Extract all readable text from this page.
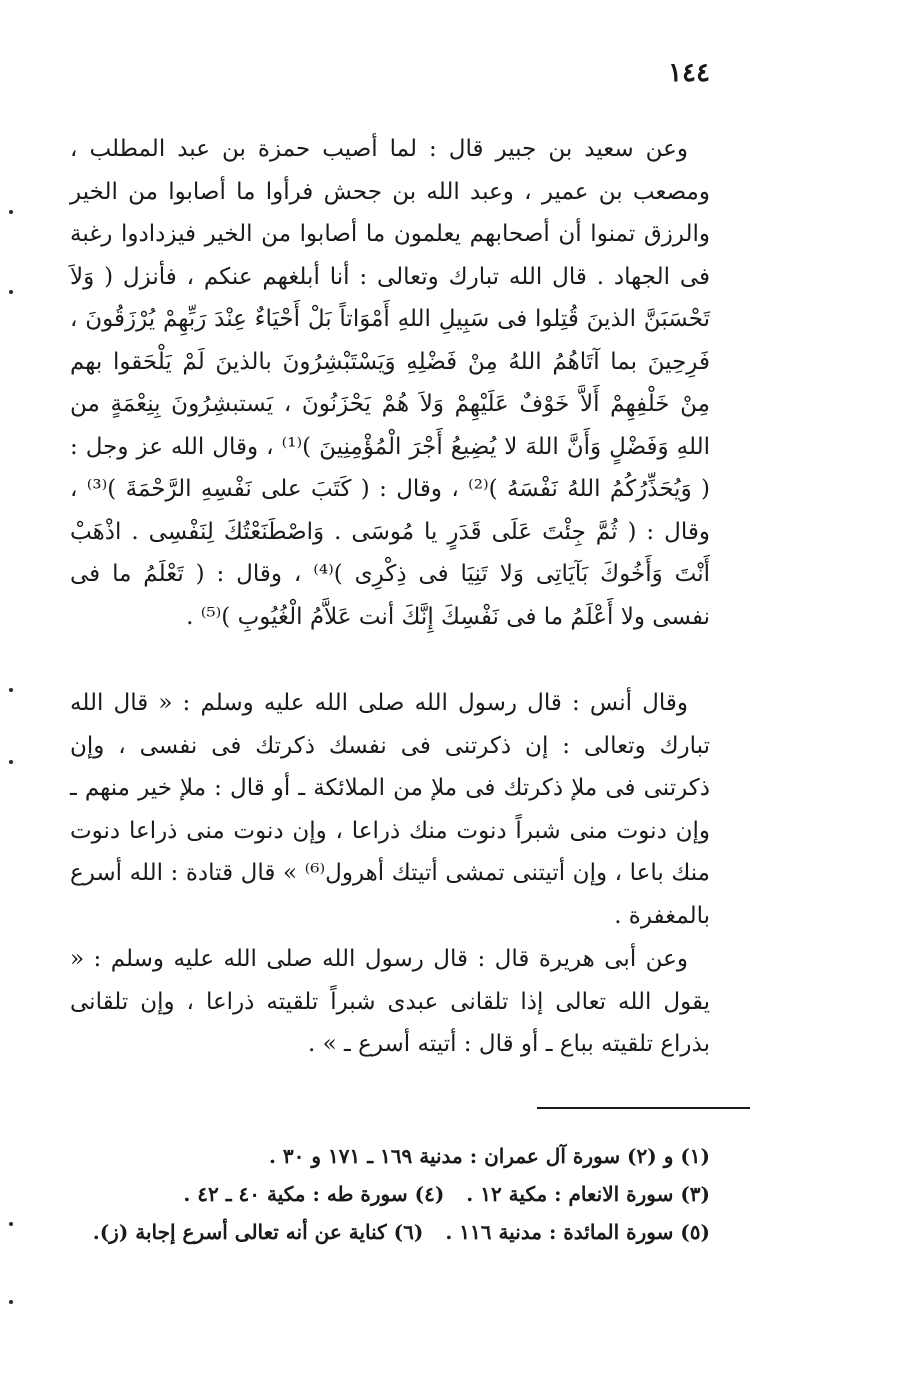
١٤٤

وعن سعيد بن جبير قال : لما أصيب حمزة بن عبد المطلب ، ومصعب بن عمير ، وعبد الله بن جحش فرأوا ما أصابوا من الخير والرزق تمنوا أن أصحابهم يعلمون ما أصابوا من الخير فيزدادوا رغبة فى الجهاد . قال الله تبارك وتعالى : أنا أبلغهم عنكم ، فأنزل ( وَلاَ تَحْسَبَنَّ الذينَ قُتِلوا فى سَبِيلِ اللهِ أَمْوَاتاً بَلْ أَحْيَاءٌ عِنْدَ رَبِّهِمْ يُرْزَقُونَ ، فَرِحِينَ بما آتَاهُمُ اللهُ مِنْ فَضْلِهِ وَيَسْتَبْشِرُونَ بالذينَ لَمْ يَلْحَقوا بهم مِنْ خَلْفِهِمْ أَلاَّ خَوْفٌ عَلَيْهِمْ وَلاَ هُمْ يَحْزَنُونَ ، يَستبشِرُونَ بِنِعْمَةٍ من اللهِ وَفَضْلٍ وَأَنَّ اللهَ لا يُضِيعُ أَجْرَ الْمُؤْمِنِينَ )⁽¹⁾ ، وقال الله عز وجل : ( وَيُحَذِّرُكُمُ اللهُ نَفْسَهُ )⁽²⁾ ، وقال : ( كَتَبَ على نَفْسِهِ الرَّحْمَةَ )⁽³⁾ ، وقال : ( ثُمَّ جِئْتَ عَلَى قَدَرٍ يا مُوسَى . وَاصْطَنَعْتُكَ لِنَفْسِى . اذْهَبْ أَنْتَ وَأَخُوكَ بَآيَاتِى وَلا تَنِيَا فى ذِكْرِى )⁽⁴⁾ ، وقال : ( تَعْلَمُ ما فى نفسى ولا أَعْلَمُ ما فى نَفْسِكَ إِنَّكَ أنت عَلاَّمُ الْغُيُوبِ )⁽⁵⁾ .

وقال أنس : قال رسول الله صلى الله عليه وسلم : « قال الله تبارك وتعالى : إن ذكرتنى فى نفسك ذكرتك فى نفسى ، وإن ذكرتنى فى ملإ ذكرتك فى ملإ من الملائكة ـ أو قال : ملإ خير منهم ـ وإن دنوت منى شبراً دنوت منك ذراعا ، وإن دنوت منى ذراعا دنوت منك باعا ، وإن أتيتنى تمشى أتيتك أهرول⁽⁶⁾ » قال قتادة : الله أسرع بالمغفرة .

وعن أبى هريرة قال : قال رسول الله صلى الله عليه وسلم : « يقول الله تعالى إذا تلقانى عبدى شبراً تلقيته ذراعا ، وإن تلقانى بذراع تلقيته بباع ـ أو قال : أتيته أسرع ـ » .

(١) و (٢) سورة آل عمران : مدنية ١٦٩ ـ ١٧١ و ٣٠ .
(٣) سورة الانعام : مكية ١٢ .(٤) سورة طه : مكية ٤٠ ـ ٤٢ .
(٥) سورة المائدة : مدنية ١١٦ .(٦) كناية عن أنه تعالى أسرع إجابة (ز).
